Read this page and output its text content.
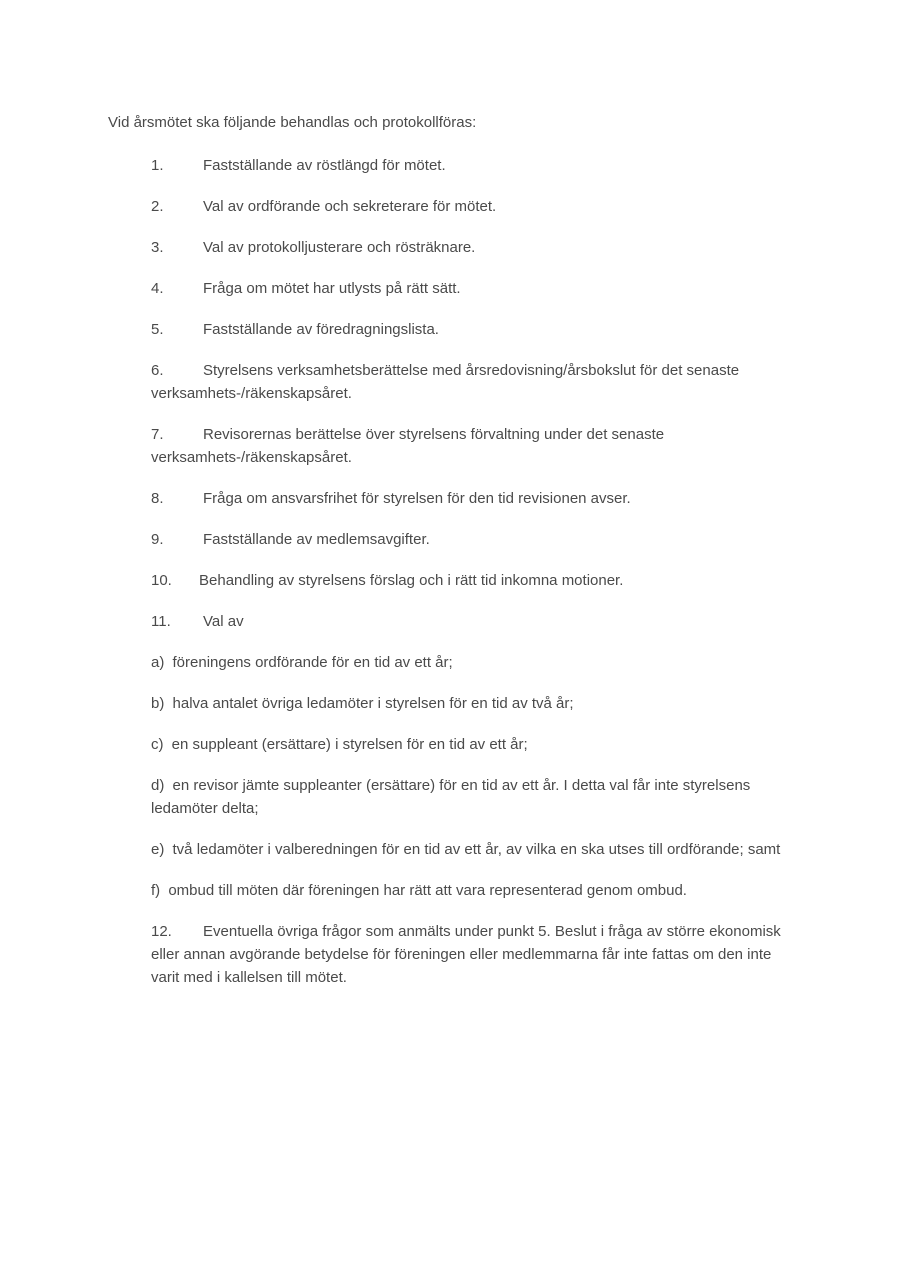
Vid årsmötet ska följande behandlas och protokollföras:

1.	Fastställande av röstlängd för mötet.

2.	Val av ordförande och sekreterare för mötet.

3.	Val av protokolljusterare och rösträknare.

4.	Fråga om mötet har utlysts på rätt sätt.

5.	Fastställande av föredragningslista.

6.	Styrelsens verksamhetsberättelse med årsredovisning/årsbokslut för det senaste verksamhets-/räkenskapsåret.

7.	Revisorernas berättelse över styrelsens förvaltning under det senaste verksamhets-/räkenskapsåret.

8.	Fråga om ansvarsfrihet för styrelsen för den tid revisionen avser.

9.	Fastställande av medlemsavgifter.

10. Behandling av styrelsens förslag och i rätt tid inkomna motioner.

11. Val av

a) föreningens ordförande för en tid av ett år;

b) halva antalet övriga ledamöter i styrelsen för en tid av två år;

c) en suppleant (ersättare) i styrelsen för en tid av ett år;

d) en revisor jämte suppleanter (ersättare) för en tid av ett år. I detta val får inte styrelsens ledamöter delta;

e) två ledamöter i valberedningen för en tid av ett år, av vilka en ska utses till ordförande; samt

f) ombud till möten där föreningen har rätt att vara representerad genom ombud.

12. Eventuella övriga frågor som anmälts under punkt 5. Beslut i fråga av större ekonomisk eller annan avgörande betydelse för föreningen eller medlemmarna får inte fattas om den inte varit med i kallelsen till mötet.
